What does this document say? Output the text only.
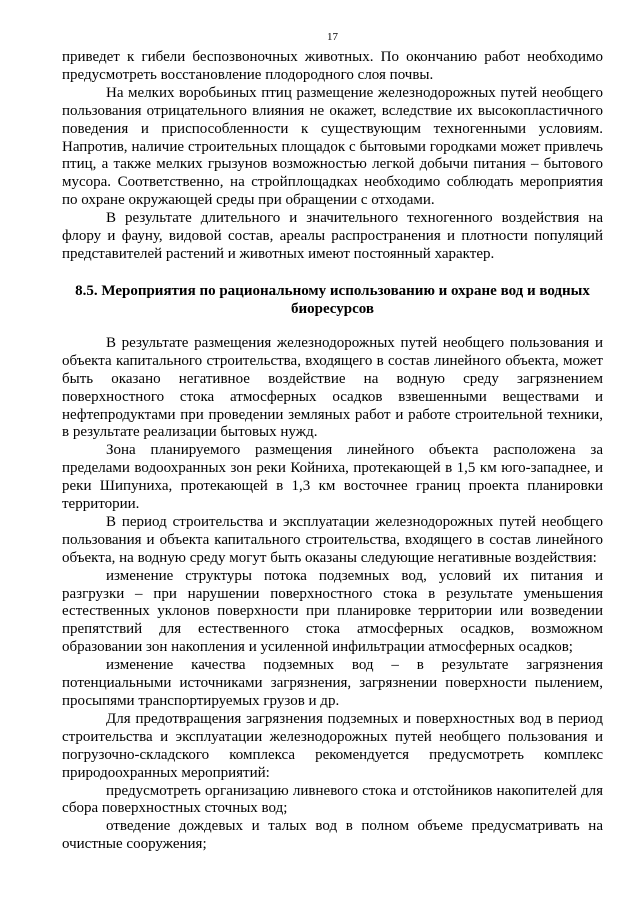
17

приведет к гибели беспозвоночных животных. По окончанию работ необходимо предусмотреть восстановление плодородного слоя почвы.

На мелких воробьиных птиц размещение железнодорожных путей необщего пользования отрицательного влияния не окажет, вследствие их высокопластичного поведения и приспособленности к существующим техногенными условиям. Напротив, наличие строительных площадок с бытовыми городками может привлечь птиц, а также мелких грызунов возможностью легкой добычи питания – бытового мусора. Соответственно, на стройплощадках необходимо соблюдать мероприятия по охране окружающей среды при обращении с отходами.

В результате длительного и значительного техногенного воздействия на флору и фауну, видовой состав, ареалы распространения и плотности популяций представителей растений и животных имеют постоянный характер.

8.5. Мероприятия по рациональному использованию и охране вод и водных биоресурсов

В результате размещения железнодорожных путей необщего пользования и объекта капитального строительства, входящего в состав линейного объекта, может быть оказано негативное воздействие на водную среду загрязнением поверхностного стока атмосферных осадков взвешенными веществами и нефтепродуктами при проведении земляных работ и работе строительной техники, в результате реализации бытовых нужд.

Зона планируемого размещения линейного объекта расположена за пределами водоохранных зон реки Койниха, протекающей в 1,5 км юго-западнее, и реки Шипуниха, протекающей в 1,3 км восточнее границ проекта планировки территории.

В период строительства и эксплуатации железнодорожных путей необщего пользования и объекта капитального строительства, входящего в состав линейного объекта, на водную среду могут быть оказаны следующие негативные воздействия:

изменение структуры потока подземных вод, условий их питания и разгрузки – при нарушении поверхностного стока в результате уменьшения естественных уклонов поверхности при планировке территории или возведении препятствий для естественного стока атмосферных осадков, возможном образовании зон накопления и усиленной инфильтрации атмосферных осадков;

изменение качества подземных вод – в результате загрязнения потенциальными источниками загрязнения, загрязнении поверхности пылением, просыпями транспортируемых грузов и др.

Для предотвращения загрязнения подземных и поверхностных вод в период строительства и эксплуатации железнодорожных путей необщего пользования и погрузочно-складского комплекса рекомендуется предусмотреть комплекс природоохранных мероприятий:

предусмотреть организацию ливневого стока и отстойников накопителей для сбора поверхностных сточных вод;

отведение дождевых и талых вод в полном объеме предусматривать на очистные сооружения;
